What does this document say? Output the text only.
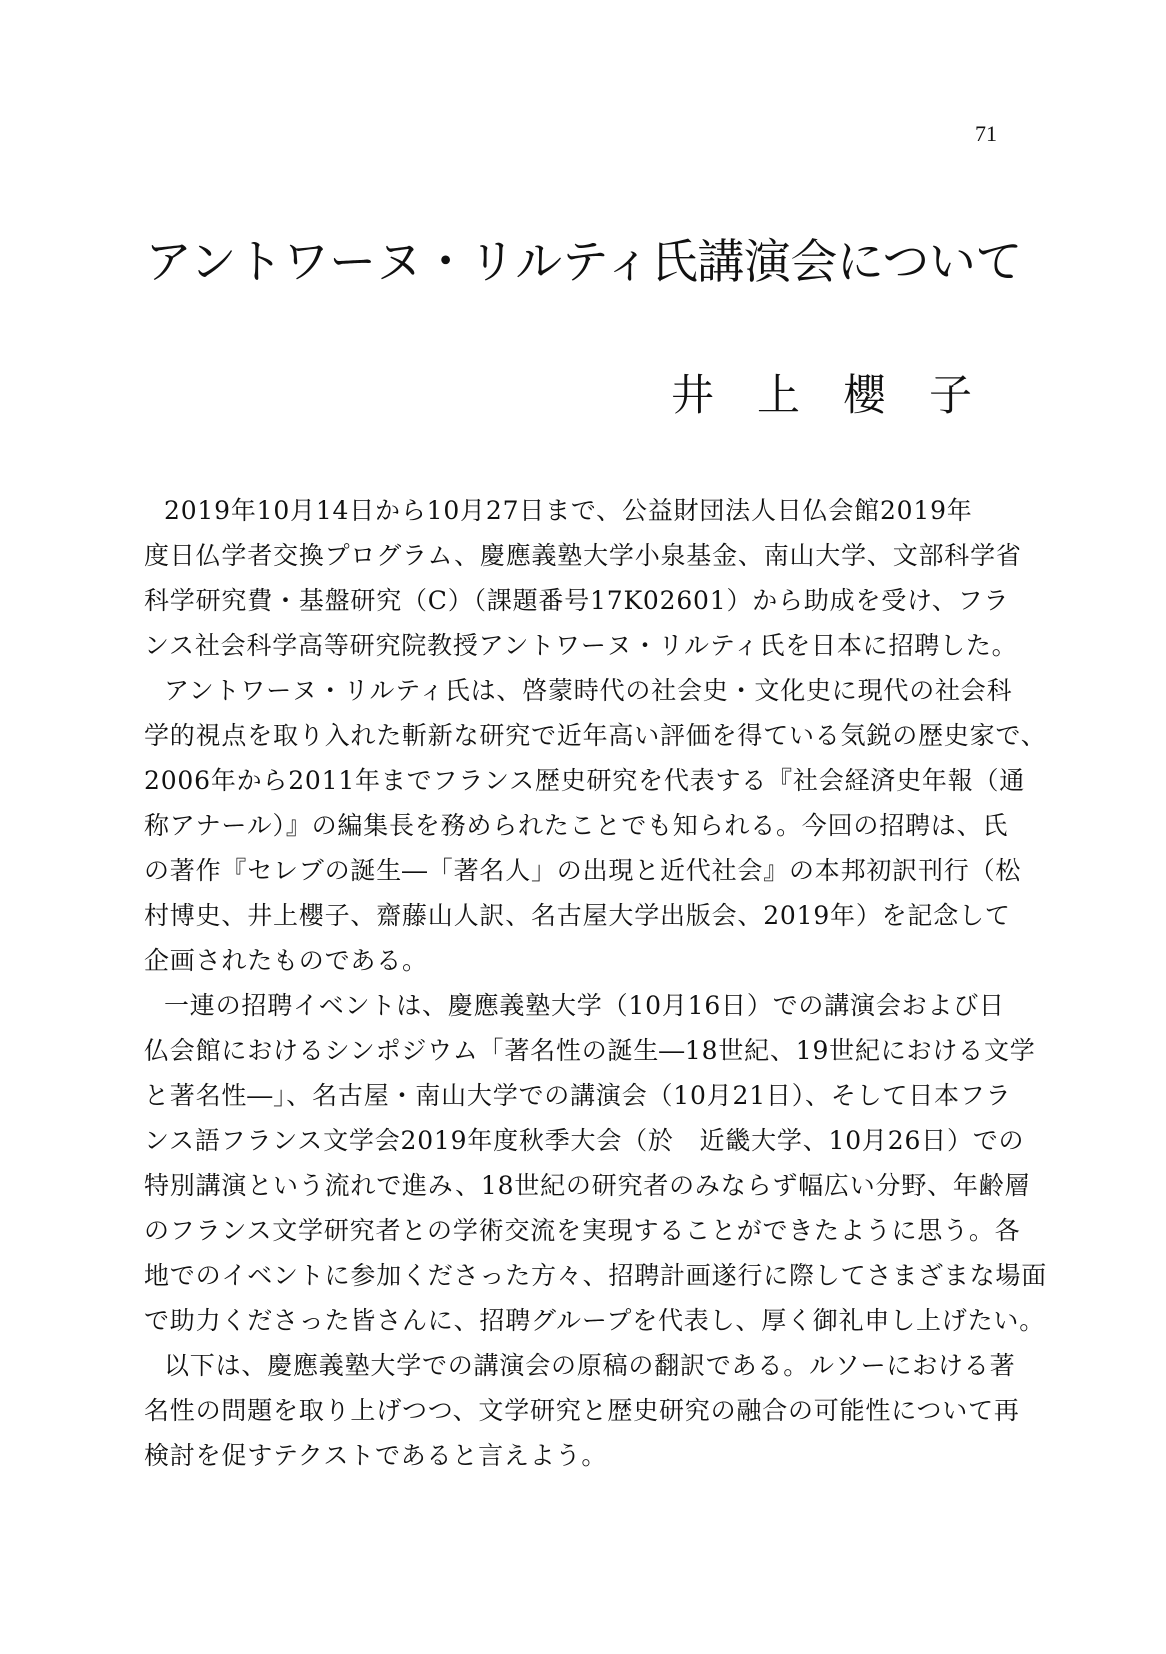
71
アントワーヌ・リルティ氏講演会について
井　上　櫻　子

2019年10月14日から10月27日まで、公益財団法人日仏会館2019年
度日仏学者交換プログラム、慶應義塾大学小泉基金、南山大学、文部科学省
科学研究費・基盤研究（C）（課題番号17K02601）から助成を受け、フラ
ンス社会科学高等研究院教授アントワーヌ・リルティ氏を日本に招聘した。

アントワーヌ・リルティ氏は、啓蒙時代の社会史・文化史に現代の社会科
学的視点を取り入れた斬新な研究で近年高い評価を得ている気鋭の歴史家で、
2006年から2011年までフランス歴史研究を代表する『社会経済史年報（通
称アナール）』の編集長を務められたことでも知られる。今回の招聘は、氏
の著作『セレブの誕生―「著名人」の出現と近代社会』の本邦初訳刊行（松
村博史、井上櫻子、齋藤山人訳、名古屋大学出版会、2019年）を記念して
企画されたものである。

一連の招聘イベントは、慶應義塾大学（10月16日）での講演会および日
仏会館におけるシンポジウム「著名性の誕生―18世紀、19世紀における文学
と著名性―」、名古屋・南山大学での講演会（10月21日）、そして日本フラ
ンス語フランス文学会2019年度秋季大会（於　近畿大学、10月26日）での
特別講演という流れで進み、18世紀の研究者のみならず幅広い分野、年齢層
のフランス文学研究者との学術交流を実現することができたように思う。各
地でのイベントに参加くださった方々、招聘計画遂行に際してさまざまな場面
で助力くださった皆さんに、招聘グループを代表し、厚く御礼申し上げたい。

以下は、慶應義塾大学での講演会の原稿の翻訳である。ルソーにおける著
名性の問題を取り上げつつ、文学研究と歴史研究の融合の可能性について再
検討を促すテクストであると言えよう。
